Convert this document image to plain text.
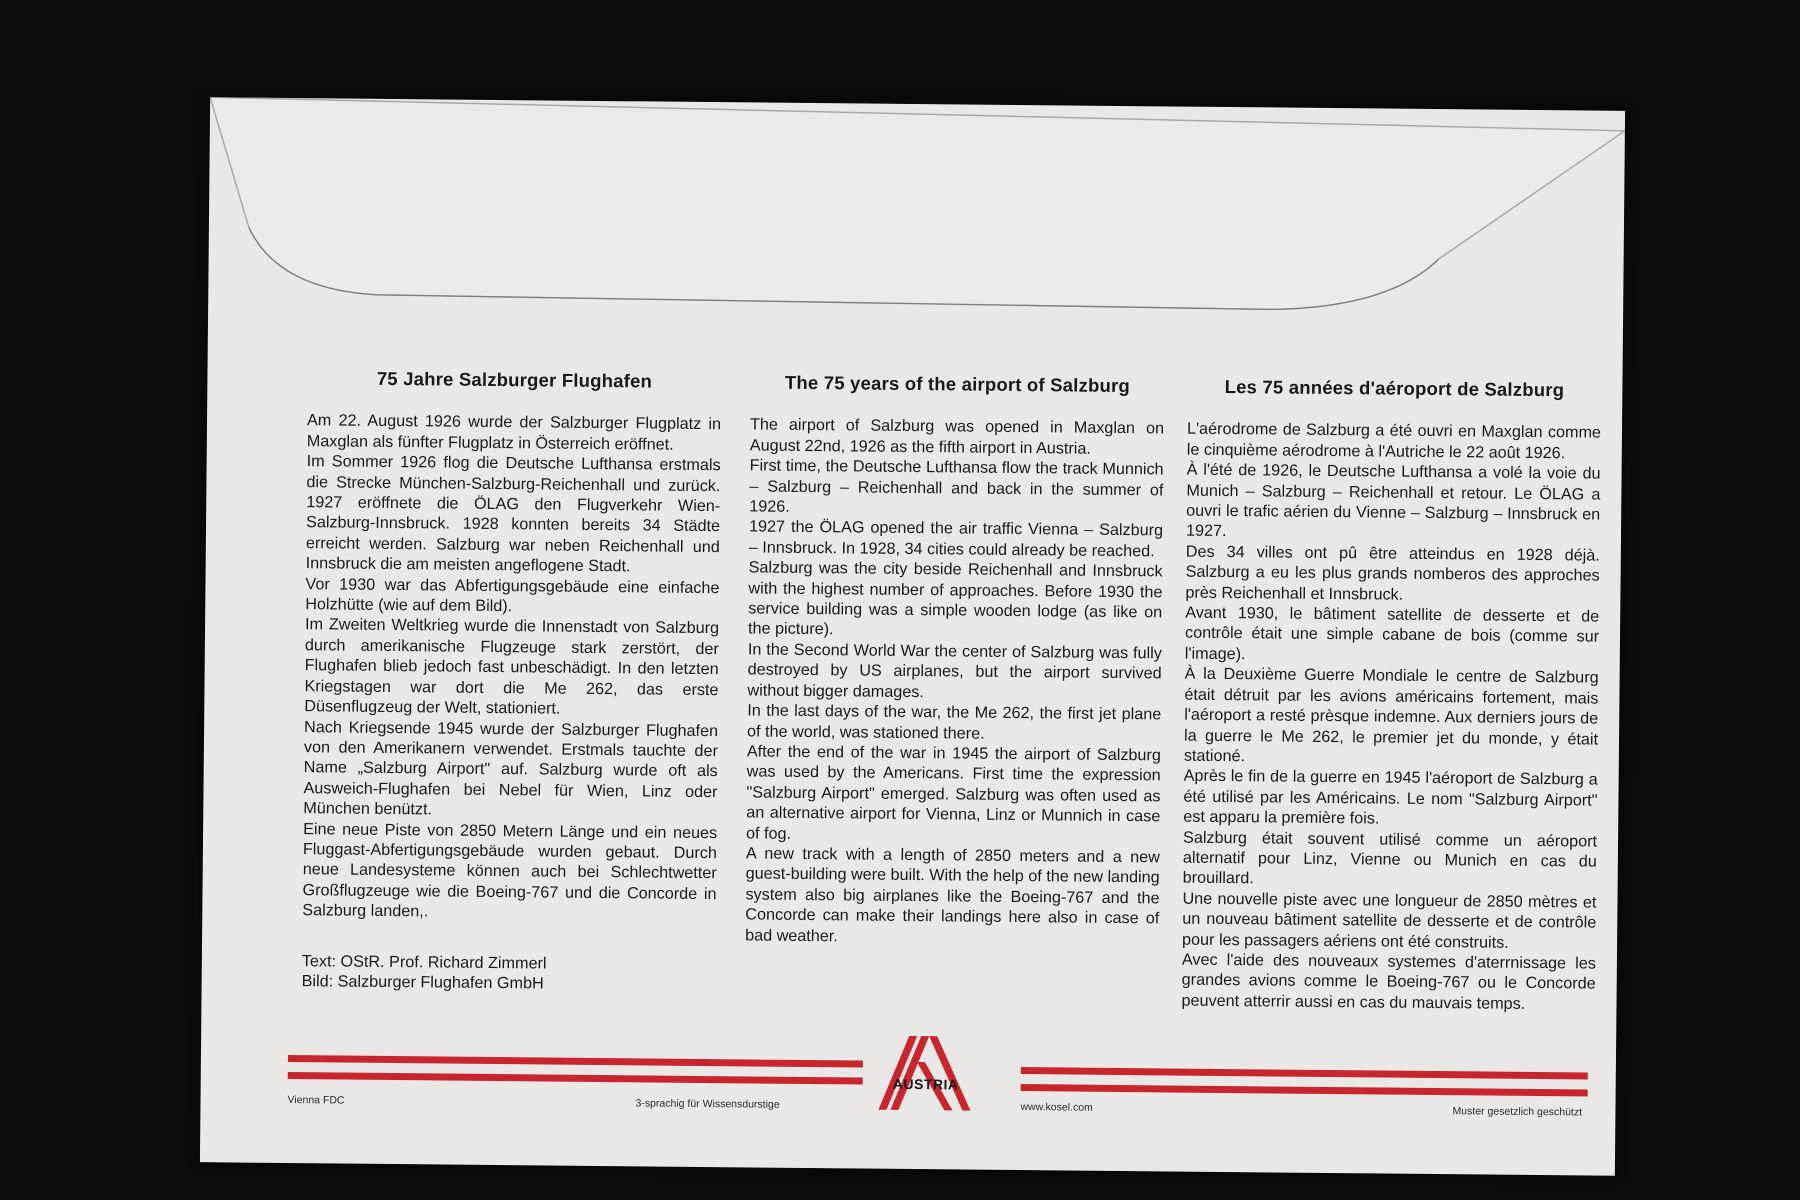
75 Jahre Salzburger Flughafen

Am 22. August 1926 wurde der Salzburger Flugplatz in Maxglan als fünfter Flugplatz in Österreich eröffnet.

Im Sommer 1926 flog die Deutsche Lufthansa erstmals die Strecke München-Salzburg-Reichenhall und zurück. 1927 eröffnete die ÖLAG den Flugverkehr Wien-Salzburg-Innsbruck. 1928 konnten bereits 34 Städte erreicht werden. Salzburg war neben Reichenhall und Innsbruck die am meisten angeflogene Stadt.

Vor 1930 war das Abfertigungsgebäude eine einfache Holzhütte (wie auf dem Bild).

Im Zweiten Weltkrieg wurde die Innenstadt von Salzburg durch amerikanische Flugzeuge stark zerstört, der Flughafen blieb jedoch fast unbeschädigt. In den letzten Kriegstagen war dort die Me 262, das erste Düsenflugzeug der Welt, stationiert.

Nach Kriegsende 1945 wurde der Salzburger Flughafen von den Amerikanern verwendet. Erstmals tauchte der Name „Salzburg Airport" auf. Salzburg wurde oft als Ausweich-Flughafen bei Nebel für Wien, Linz oder München benützt.

Eine neue Piste von 2850 Metern Länge und ein neues Fluggast-Abfertigungsgebäude wurden gebaut. Durch neue Landesysteme können auch bei Schlechtwetter Großflugzeuge wie die Boeing-767 und die Concorde in Salzburg landen,.

Text: OStR. Prof. Richard Zimmerl
Bild: Salzburger Flughafen GmbH
The 75 years of the airport of Salzburg

The airport of Salzburg was opened in Maxglan on August 22nd, 1926 as the fifth airport in Austria.

First time, the Deutsche Lufthansa flow the track Munnich – Salzburg – Reichenhall and back in the summer of 1926.

1927 the ÖLAG opened the air traffic Vienna – Salzburg – Innsbruck. In 1928, 34 cities could already be reached.

Salzburg was the city beside Reichenhall and Innsbruck with the highest number of approaches. Before 1930 the service building was a simple wooden lodge (as like on the picture).

In the Second World War the center of Salzburg was fully destroyed by US airplanes, but the airport survived without bigger damages.

In the last days of the war, the Me 262, the first jet plane of the world, was stationed there.

After the end of the war in 1945 the airport of Salzburg was used by the Americans. First time the expression "Salzburg Airport" emerged. Salzburg was often used as an alternative airport for Vienna, Linz or Munnich in case of fog.

A new track with a length of 2850 meters and a new guest-building were built. With the help of the new landing system also big airplanes like the Boeing-767 and the Concorde can make their landings here also in case of bad weather.

Les 75 années d'aéroport de Salzburg

L'aérodrome de Salzburg a été ouvri en Maxglan comme le cinquième aérodrome à l'Autriche le 22 août 1926.

À l'été de 1926, le Deutsche Lufthansa a volé la voie du Munich – Salzburg – Reichenhall et retour. Le ÖLAG a ouvri le trafic aérien du Vienne – Salzburg – Innsbruck en 1927.

Des 34 villes ont pû être atteindus en 1928 déjà. Salzburg a eu les plus grands nomberos des approches près Reichenhall et Innsbruck.

Avant 1930, le bâtiment satellite de desserte et de contrôle était une simple cabane de bois (comme sur l'image).

À la Deuxième Guerre Mondiale le centre de Salzburg était détruit par les avions américains fortement, mais l'aéroport a resté prèsque indemne. Aux derniers jours de la guerre le Me 262, le premier jet du monde, y était stationé.

Après le fin de la guerre en 1945 l'aéroport de Salzburg a été utilisé par les Américains. Le nom "Salzburg Airport" est apparu la première fois.

Salzburg était souvent utilisé comme un aéroport alternatif pour Linz, Vienne ou Munich en cas du brouillard.

Une nouvelle piste avec une longueur de 2850 mètres et un nouveau bâtiment satellite de desserte et de contrôle pour les passagers aériens ont été construits.

Avec l'aide des nouveaux systemes d'aterrnissage les grandes avions comme le Boeing-767 ou le Concorde peuvent atterrir aussi en cas du mauvais temps.

AUSTRIA
Vienna FDC	3-sprachig für Wissensdurstige	www.kosel.com	Muster gesetzlich geschützt
